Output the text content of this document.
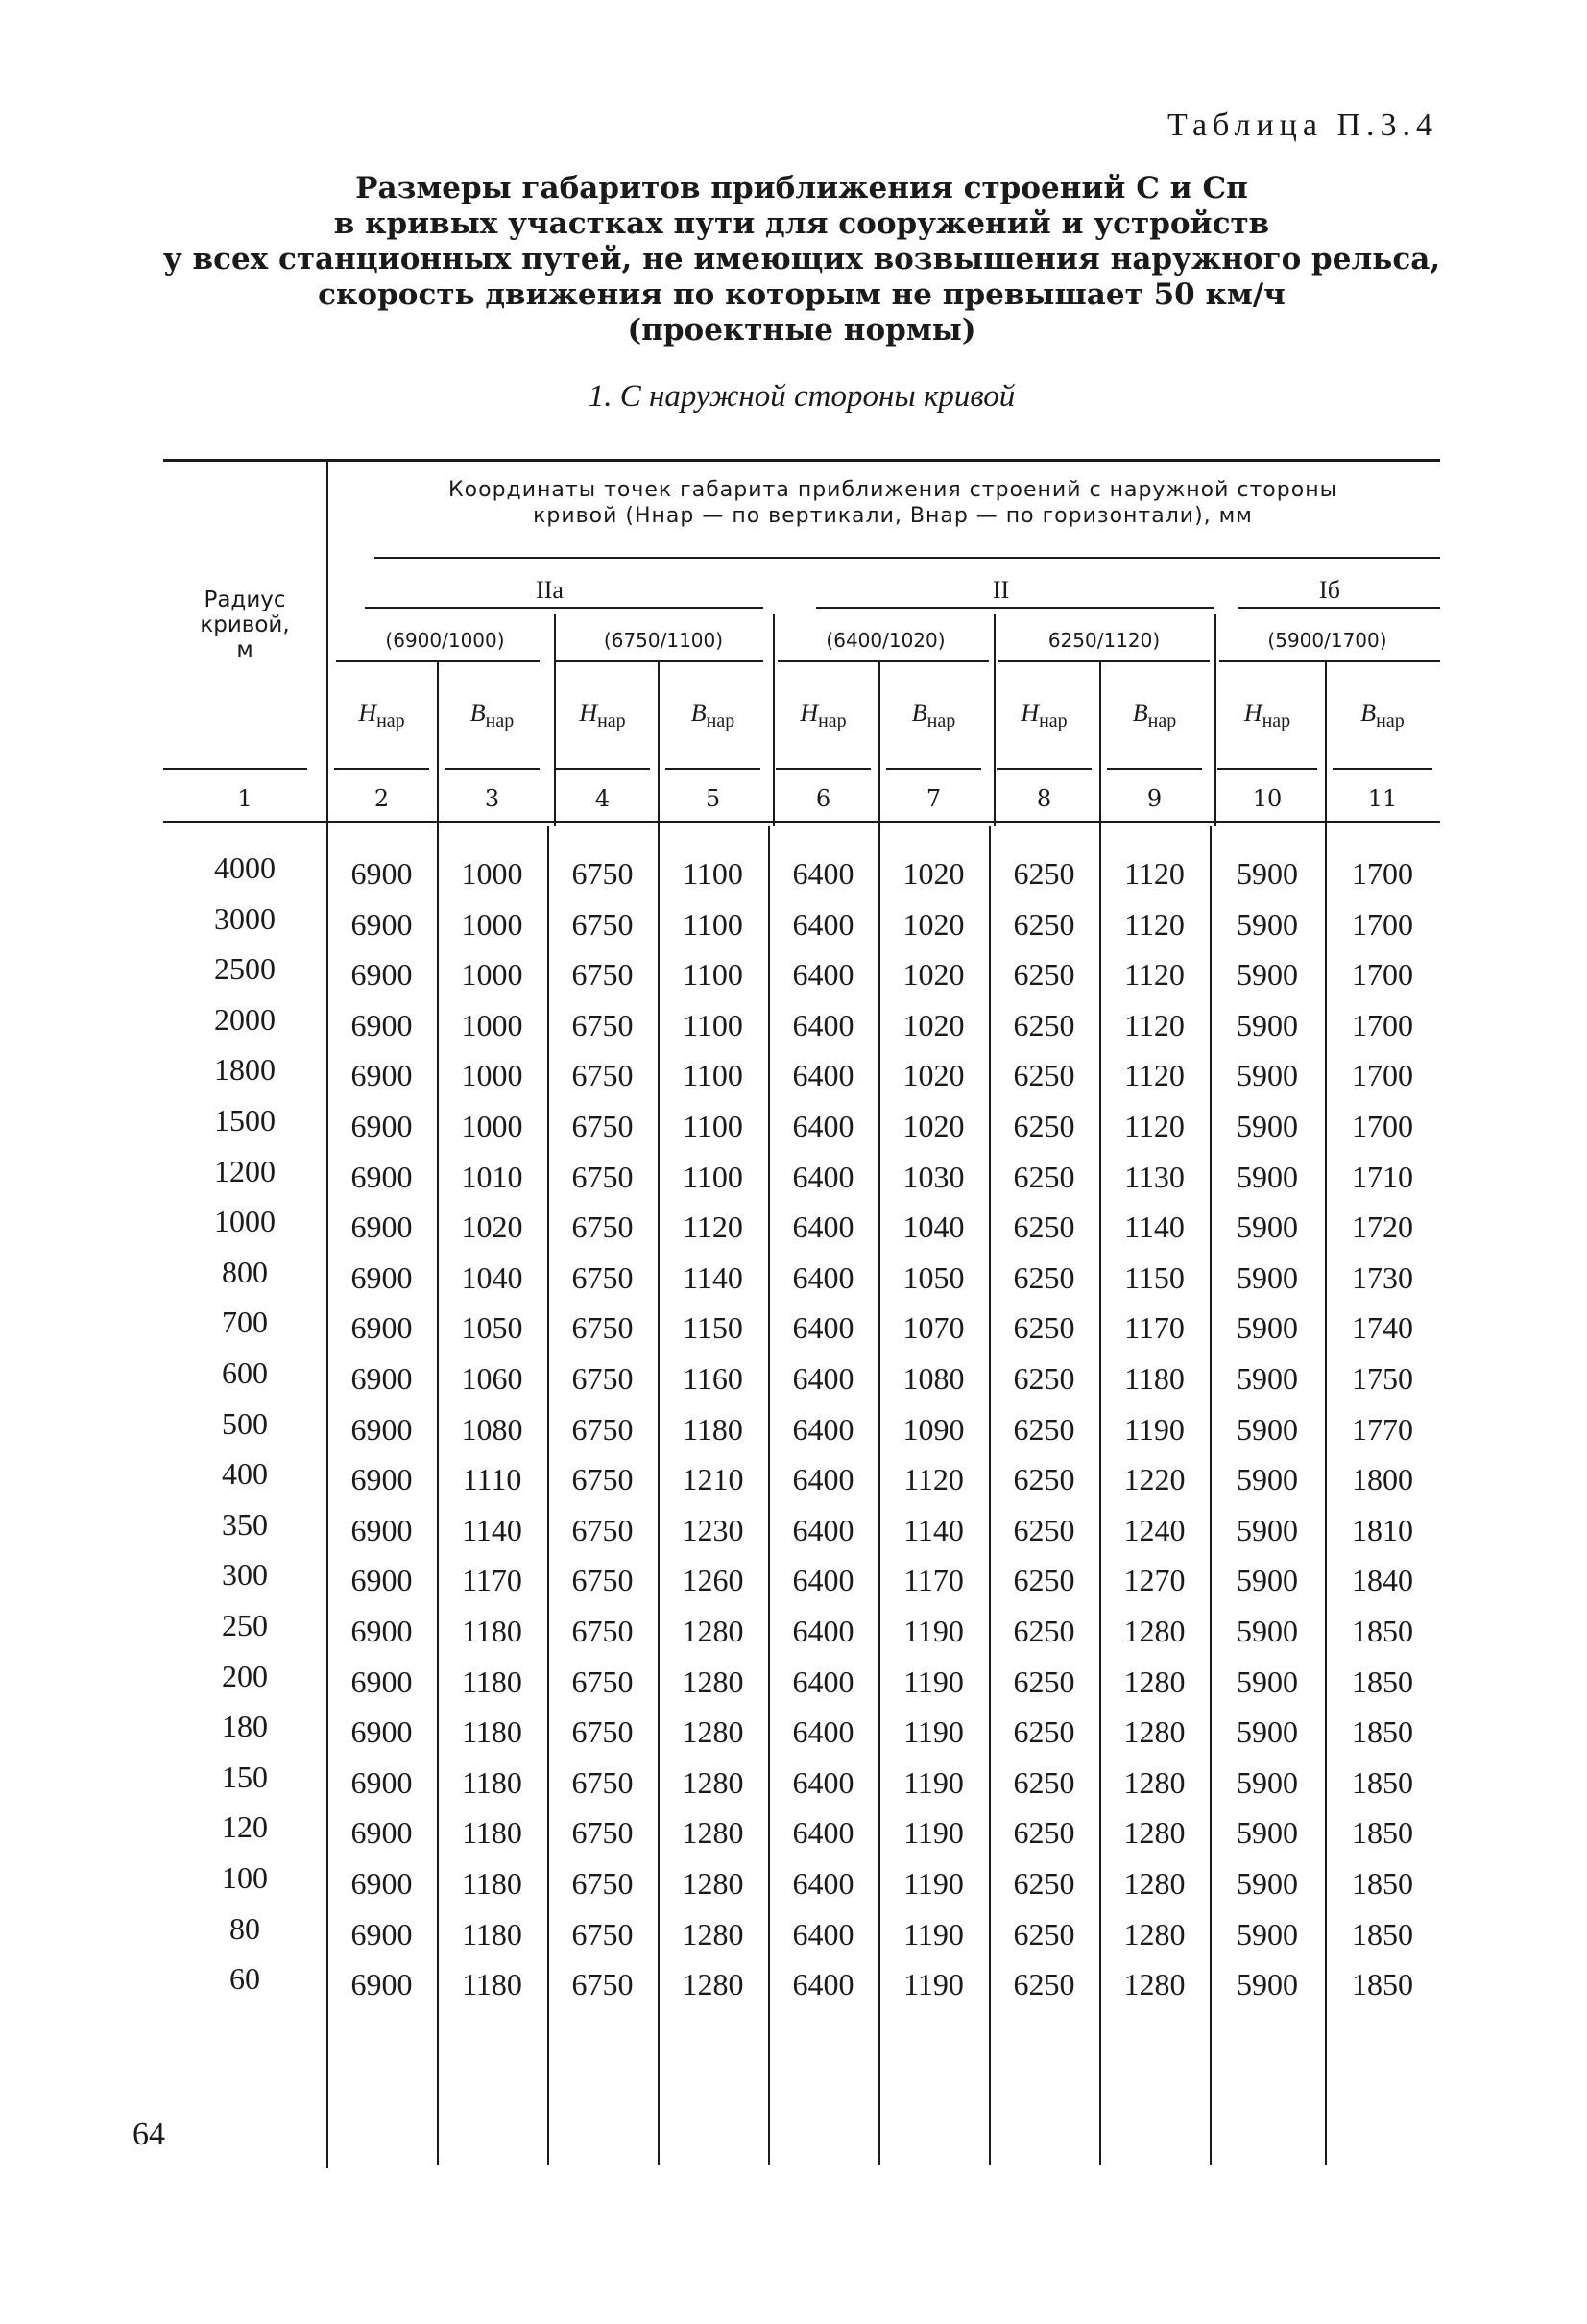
Таблица П.3.4
Размеры габаритов приближения строений С и Сп
в кривых участках пути для сооружений и устройств
у всех станционных путей, не имеющих возвышения наружного рельса,
скорость движения по которым не превышает 50 км/ч
(проектные нормы)
1. С наружной стороны кривой
Радиус
кривой,
м
Координаты точек габарита приближения строений с наружной стороны
кривой (Hнар — по вертикали, Bнар — по горизонтали), мм
IIа	II	Iб
(6900/1000)	(6750/1100)	(6400/1020)	6250/1120)	(5900/1700)
$H_{нар}$	$B_{нар}$	$H_{нар}$	$B_{нар}$	$H_{нар}$	$B_{нар}$	$H_{нар}$	$B_{нар}$	$H_{нар}$	$B_{нар}$
1	2	3	4	5	6	7	8	9	10	11
4000	6900	1000	6750	1100	6400	1020	6250	1120	5900	1700
3000	6900	1000	6750	1100	6400	1020	6250	1120	5900	1700
2500	6900	1000	6750	1100	6400	1020	6250	1120	5900	1700
2000	6900	1000	6750	1100	6400	1020	6250	1120	5900	1700
1800	6900	1000	6750	1100	6400	1020	6250	1120	5900	1700
1500	6900	1000	6750	1100	6400	1020	6250	1120	5900	1700
1200	6900	1010	6750	1100	6400	1030	6250	1130	5900	1710
1000	6900	1020	6750	1120	6400	1040	6250	1140	5900	1720
800	6900	1040	6750	1140	6400	1050	6250	1150	5900	1730
700	6900	1050	6750	1150	6400	1070	6250	1170	5900	1740
600	6900	1060	6750	1160	6400	1080	6250	1180	5900	1750
500	6900	1080	6750	1180	6400	1090	6250	1190	5900	1770
400	6900	1110	6750	1210	6400	1120	6250	1220	5900	1800
350	6900	1140	6750	1230	6400	1140	6250	1240	5900	1810
300	6900	1170	6750	1260	6400	1170	6250	1270	5900	1840
250	6900	1180	6750	1280	6400	1190	6250	1280	5900	1850
200	6900	1180	6750	1280	6400	1190	6250	1280	5900	1850
180	6900	1180	6750	1280	6400	1190	6250	1280	5900	1850
150	6900	1180	6750	1280	6400	1190	6250	1280	5900	1850
120	6900	1180	6750	1280	6400	1190	6250	1280	5900	1850
100	6900	1180	6750	1280	6400	1190	6250	1280	5900	1850
80	6900	1180	6750	1280	6400	1190	6250	1280	5900	1850
60	6900	1180	6750	1280	6400	1190	6250	1280	5900	1850
64
